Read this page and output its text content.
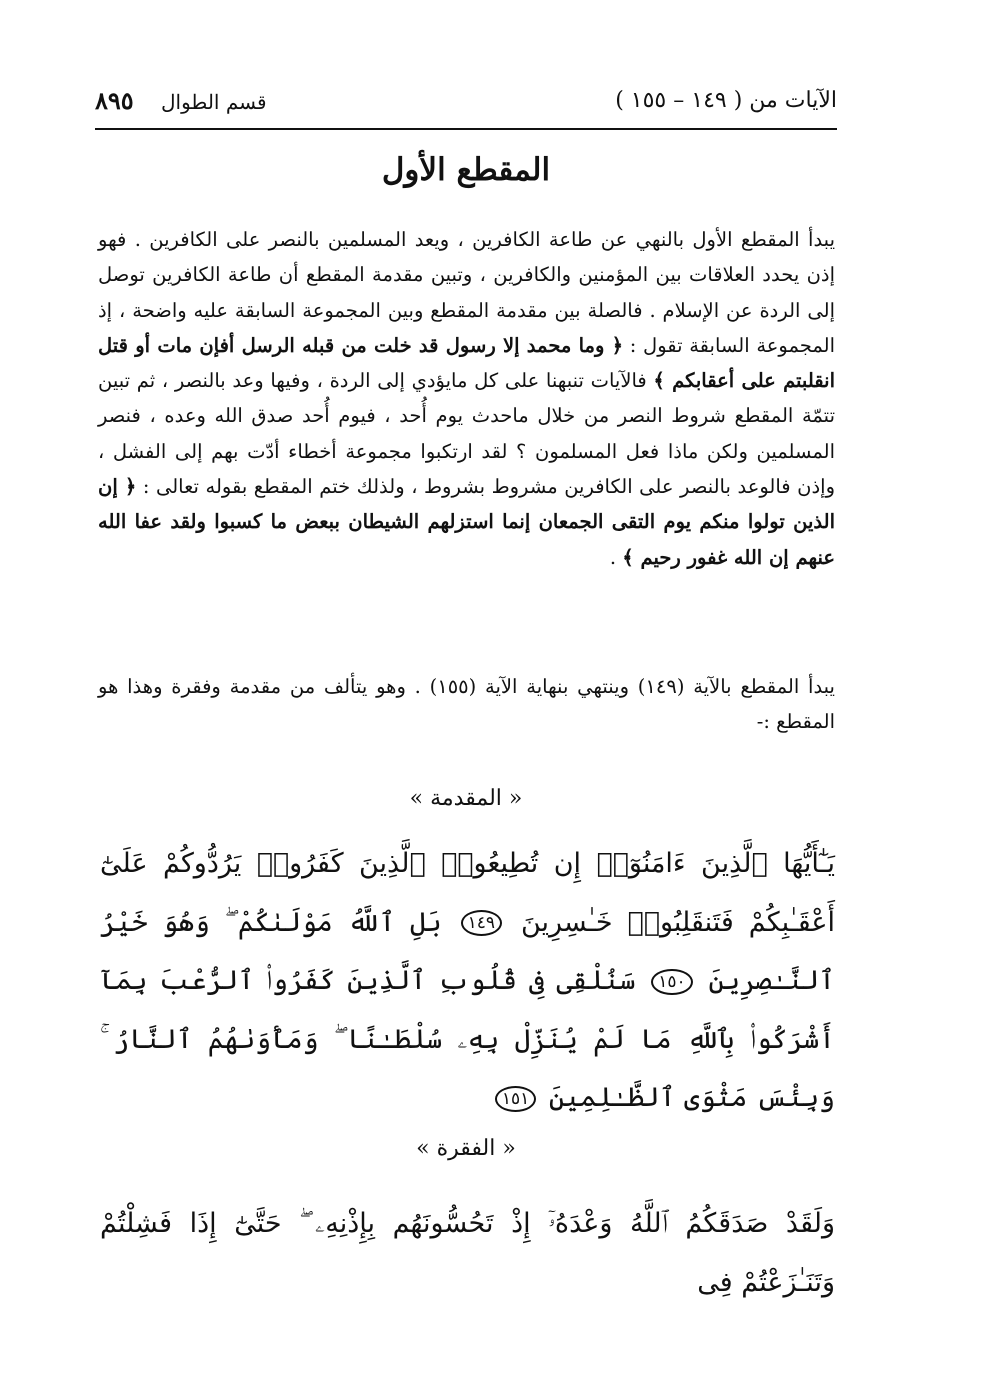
الآيات من ( ١٤٩ – ١٥٥ )
قسم الطوال
٨٩٥
المقطع الأول
يبدأ المقطع الأول بالنهي عن طاعة الكافرين ، ويعد المسلمين بالنصر على الكافرين . فهو إذن يحدد العلاقات بين المؤمنين والكافرين ، وتبين مقدمة المقطع أن طاعة الكافرين توصل إلى الردة عن الإسلام . فالصلة بين مقدمة المقطع وبين المجموعة السابقة عليه واضحة ، إذ المجموعة السابقة تقول : ﴿ وما محمد إلا رسول قد خلت من قبله الرسل أفإن مات أو قتل انقلبتم على أعقابكم ﴾ فالآيات تنبهنا على كل مايؤدي إلى الردة ، وفيها وعد بالنصر ، ثم تبين تتمّة المقطع شروط النصر من خلال ماحدث يوم أُحد ، فيوم أُحد صدق الله وعده ، فنصر المسلمين ولكن ماذا فعل المسلمون ؟ لقد ارتكبوا مجموعة أخطاء أدّت بهم إلى الفشل ، وإذن فالوعد بالنصر على الكافرين مشروط بشروط ، ولذلك ختم المقطع بقوله تعالى : ﴿ إن الذين تولوا منكم يوم التقى الجمعان إنما استزلهم الشيطان ببعض ما كسبوا ولقد عفا الله عنهم إن الله غفور رحيم ﴾ .
يبدأ المقطع بالآية (١٤٩) وينتهي بنهاية الآية (١٥٥) . وهو يتألف من مقدمة وفقرة وهذا هو المقطع :-
« المقدمة »
يَـٰٓأَيُّهَا ٱلَّذِينَ ءَامَنُوٓا۟ إِن تُطِيعُوا۟ ٱلَّذِينَ كَفَرُوا۟ يَرُدُّوكُمْ عَلَىٰٓ أَعْقَـٰبِكُمْ فَتَنقَلِبُوا۟ خَـٰسِرِينَ ١٤٩ بَلِ ٱللَّهُ مَوْلَىٰكُمْ ۖ وَهُوَ خَيْرُ ٱلنَّـٰصِرِينَ ١٥٠ سَنُلْقِى فِى قُلُوبِ ٱلَّذِينَ كَفَرُوا۟ ٱلرُّعْبَ بِمَآ أَشْرَكُوا۟ بِٱللَّهِ مَا لَمْ يُنَزِّلْ بِهِۦ سُلْطَـٰنًا ۖ وَمَأْوَىٰهُمُ ٱلنَّارُ ۚ وَبِئْسَ مَثْوَى ٱلظَّـٰلِمِينَ ١٥١
« الفقرة »
وَلَقَدْ صَدَقَكُمُ ٱللَّهُ وَعْدَهُۥٓ إِذْ تَحُسُّونَهُم بِإِذْنِهِۦ ۖ حَتَّىٰٓ إِذَا فَشِلْتُمْ وَتَنَـٰزَعْتُمْ فِى
